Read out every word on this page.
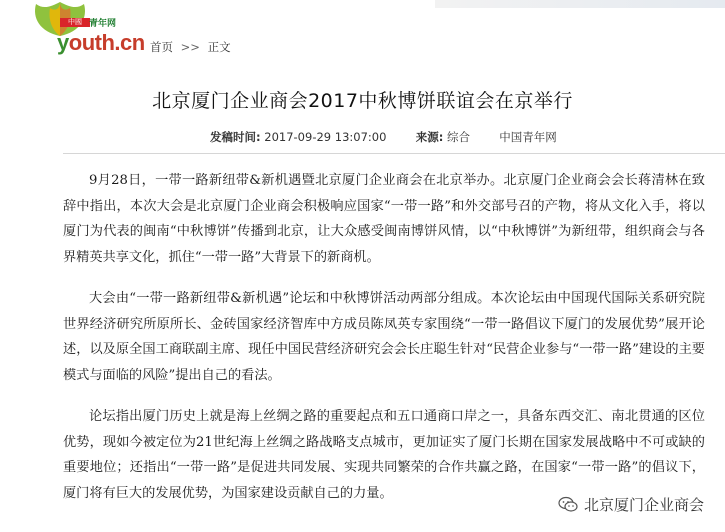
中國 青年网
youth.cn 首页 >> 正文
北京厦门企业商会2017中秋博饼联谊会在京举行
发稿时间: 2017-09-29 13:07:00	来源: 综合	中国青年网

9月28日，一带一路新纽带&新机遇暨北京厦门企业商会在北京举办。北京厦门企业商会会长蒋清林在致辞中指出，本次大会是北京厦门企业商会积极响应国家“一带一路”和外交部号召的产物，将从文化入手，将以厦门为代表的闽南“中秋博饼”传播到北京，让大众感受闽南博饼风情，以“中秋博饼”为新纽带，组织商会与各界精英共享文化，抓住“一带一路”大背景下的新商机。

大会由“一带一路新纽带&新机遇”论坛和中秋博饼活动两部分组成。本次论坛由中国现代国际关系研究院世界经济研究所原所长、金砖国家经济智库中方成员陈凤英专家围绕“一带一路倡议下厦门的发展优势”展开论述，以及原全国工商联副主席、现任中国民营经济研究会会长庄聪生针对“民营企业参与“一带一路”建设的主要模式与面临的风险”提出自己的看法。

论坛指出厦门历史上就是海上丝绸之路的重要起点和五口通商口岸之一，具备东西交汇、南北贯通的区位优势，现如今被定位为21世纪海上丝绸之路战略支点城市，更加证实了厦门长期在国家发展战略中不可或缺的重要地位；还指出“一带一路”是促进共同发展、实现共同繁荣的合作共赢之路，在国家“一带一路”的倡议下，厦门将有巨大的发展优势，为国家建设贡献自己的力量。

北京厦门企业商会
